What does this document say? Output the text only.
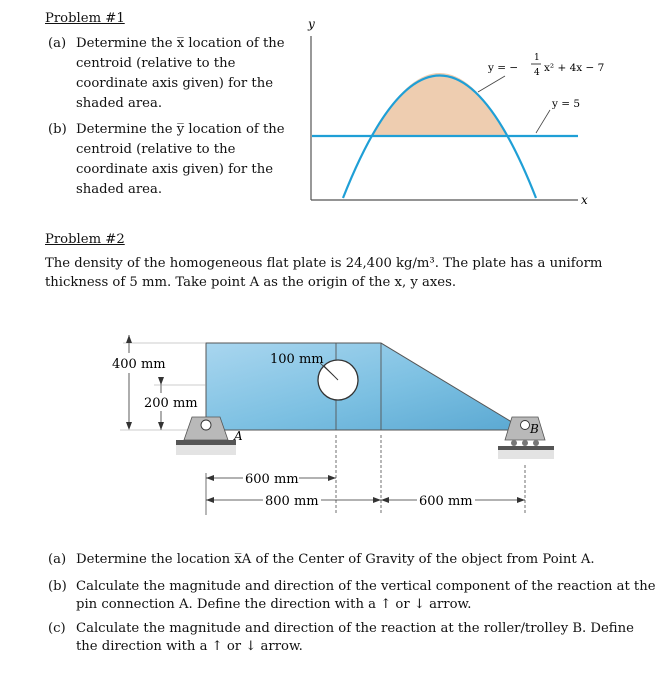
Problem #1
(a) Determine the x̅ location of the
centroid (relative to the
coordinate axis given) for the
shaded area.
(b) Determine the y̅ location of the
centroid (relative to the
coordinate axis given) for the
shaded area.
y
x
y = −
1
4 x² + 4x − 7
y = 5
Problem #2
The density of the homogeneous flat plate is 24,400 kg/m³. The plate has a uniform
thickness of 5 mm. Take point A as the origin of the x, y axes.
100 mm
400 mm
200 mm
A	B
600 mm
800 mm	600 mm
(a) Determine the location x̅A of the Center of Gravity of the object from Point A.
(b) Calculate the magnitude and direction of the vertical component of the reaction at the
pin connection A. Define the direction with a ↑ or ↓ arrow.
(c) Calculate the magnitude and direction of the reaction at the roller/trolley B. Define
the direction with a ↑ or ↓ arrow.
